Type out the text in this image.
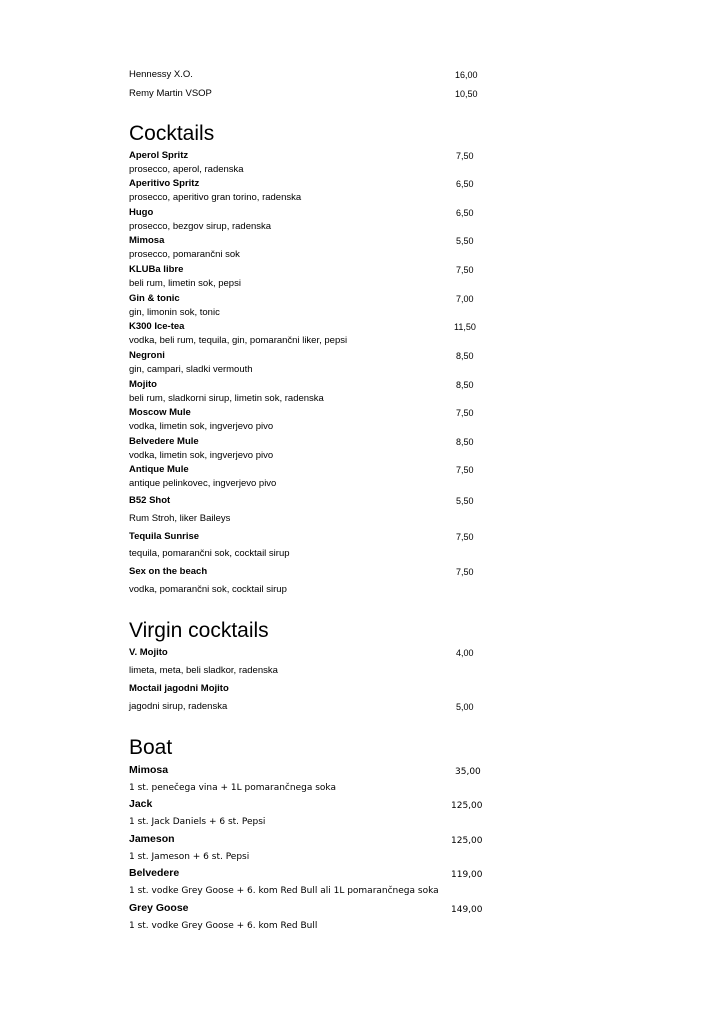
Hennessy X.O.	16,00
Remy Martin VSOP	10,50
Cocktails
Aperol Spritz	7,50
prosecco, aperol, radenska
Aperitivo Spritz	6,50
prosecco, aperitivo gran torino, radenska
Hugo	6,50
prosecco, bezgov sirup, radenska
Mimosa	5,50
prosecco, pomarančni sok
KLUBa libre	7,50
beli rum, limetin sok, pepsi
Gin & tonic	7,00
gin, limonin sok, tonic
K300 Ice-tea	11,50
vodka, beli rum, tequila, gin, pomarančni liker, pepsi
Negroni	8,50
gin, campari, sladki vermouth
Mojito	8,50
beli rum, sladkorni sirup, limetin sok, radenska
Moscow Mule	7,50
vodka, limetin sok, ingverjevo pivo
Belvedere Mule	8,50
vodka, limetin sok, ingverjevo pivo
Antique Mule	7,50
antique pelinkovec, ingverjevo pivo
B52 Shot	5,50
Rum Stroh, liker Baileys
Tequila Sunrise	7,50
tequila, pomarančni sok, cocktail sirup
Sex on the beach	7,50
vodka, pomarančni sok, cocktail sirup
Virgin cocktails
V. Mojito	4,00
limeta, meta, beli sladkor, radenska
Moctail jagodni Mojito
jagodni sirup, radenska	5,00
Boat
Mimosa	35,00
1 st. penečega vina + 1L pomarančnega soka
Jack	125,00
1 st. Jack Daniels + 6 st. Pepsi
Jameson	125,00
1 st. Jameson + 6 st. Pepsi
Belvedere	119,00
1 st. vodke Grey Goose + 6. kom Red Bull ali 1L pomarančnega soka
Grey Goose	149,00
1 st. vodke Grey Goose + 6. kom Red Bull
